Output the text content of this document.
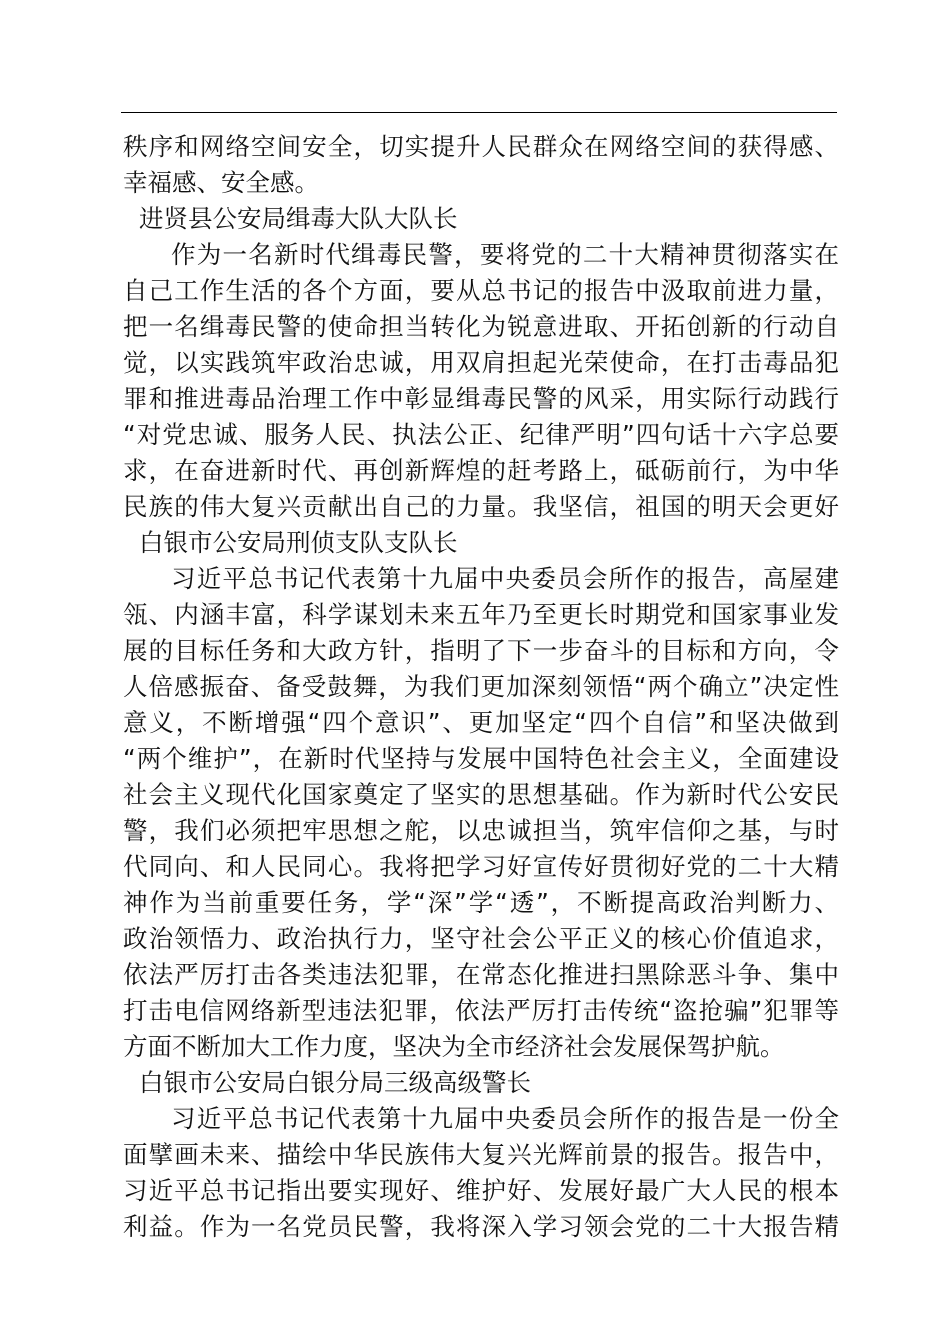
秩序和网络空间安全，切实提升人民群众在网络空间的获得感、
幸福感、安全感。
进贤县公安局缉毒大队大队长
作为一名新时代缉毒民警，要将党的二十大精神贯彻落实在
自己工作生活的各个方面，要从总书记的报告中汲取前进力量，
把一名缉毒民警的使命担当转化为锐意进取、开拓创新的行动自
觉，以实践筑牢政治忠诚，用双肩担起光荣使命，在打击毒品犯
罪和推进毒品治理工作中彰显缉毒民警的风采，用实际行动践行
“对党忠诚、服务人民、执法公正、纪律严明”四句话十六字总要
求，在奋进新时代、再创新辉煌的赶考路上，砥砺前行，为中华
民族的伟大复兴贡献出自己的力量。我坚信，祖国的明天会更好
白银市公安局刑侦支队支队长
习近平总书记代表第十九届中央委员会所作的报告，高屋建
瓴、内涵丰富，科学谋划未来五年乃至更长时期党和国家事业发
展的目标任务和大政方针，指明了下一步奋斗的目标和方向，令
人倍感振奋、备受鼓舞，为我们更加深刻领悟“两个确立”决定性
意义，不断增强“四个意识”、更加坚定“四个自信”和坚决做到
“两个维护”，在新时代坚持与发展中国特色社会主义，全面建设
社会主义现代化国家奠定了坚实的思想基础。作为新时代公安民
警，我们必须把牢思想之舵，以忠诚担当，筑牢信仰之基，与时
代同向、和人民同心。我将把学习好宣传好贯彻好党的二十大精
神作为当前重要任务，学“深”学“透”，不断提高政治判断力、
政治领悟力、政治执行力，坚守社会公平正义的核心价值追求，
依法严厉打击各类违法犯罪，在常态化推进扫黑除恶斗争、集中
打击电信网络新型违法犯罪，依法严厉打击传统“盗抢骗”犯罪等
方面不断加大工作力度，坚决为全市经济社会发展保驾护航。
白银市公安局白银分局三级高级警长
习近平总书记代表第十九届中央委员会所作的报告是一份全
面擘画未来、描绘中华民族伟大复兴光辉前景的报告。报告中，
习近平总书记指出要实现好、维护好、发展好最广大人民的根本
利益。作为一名党员民警，我将深入学习领会党的二十大报告精
